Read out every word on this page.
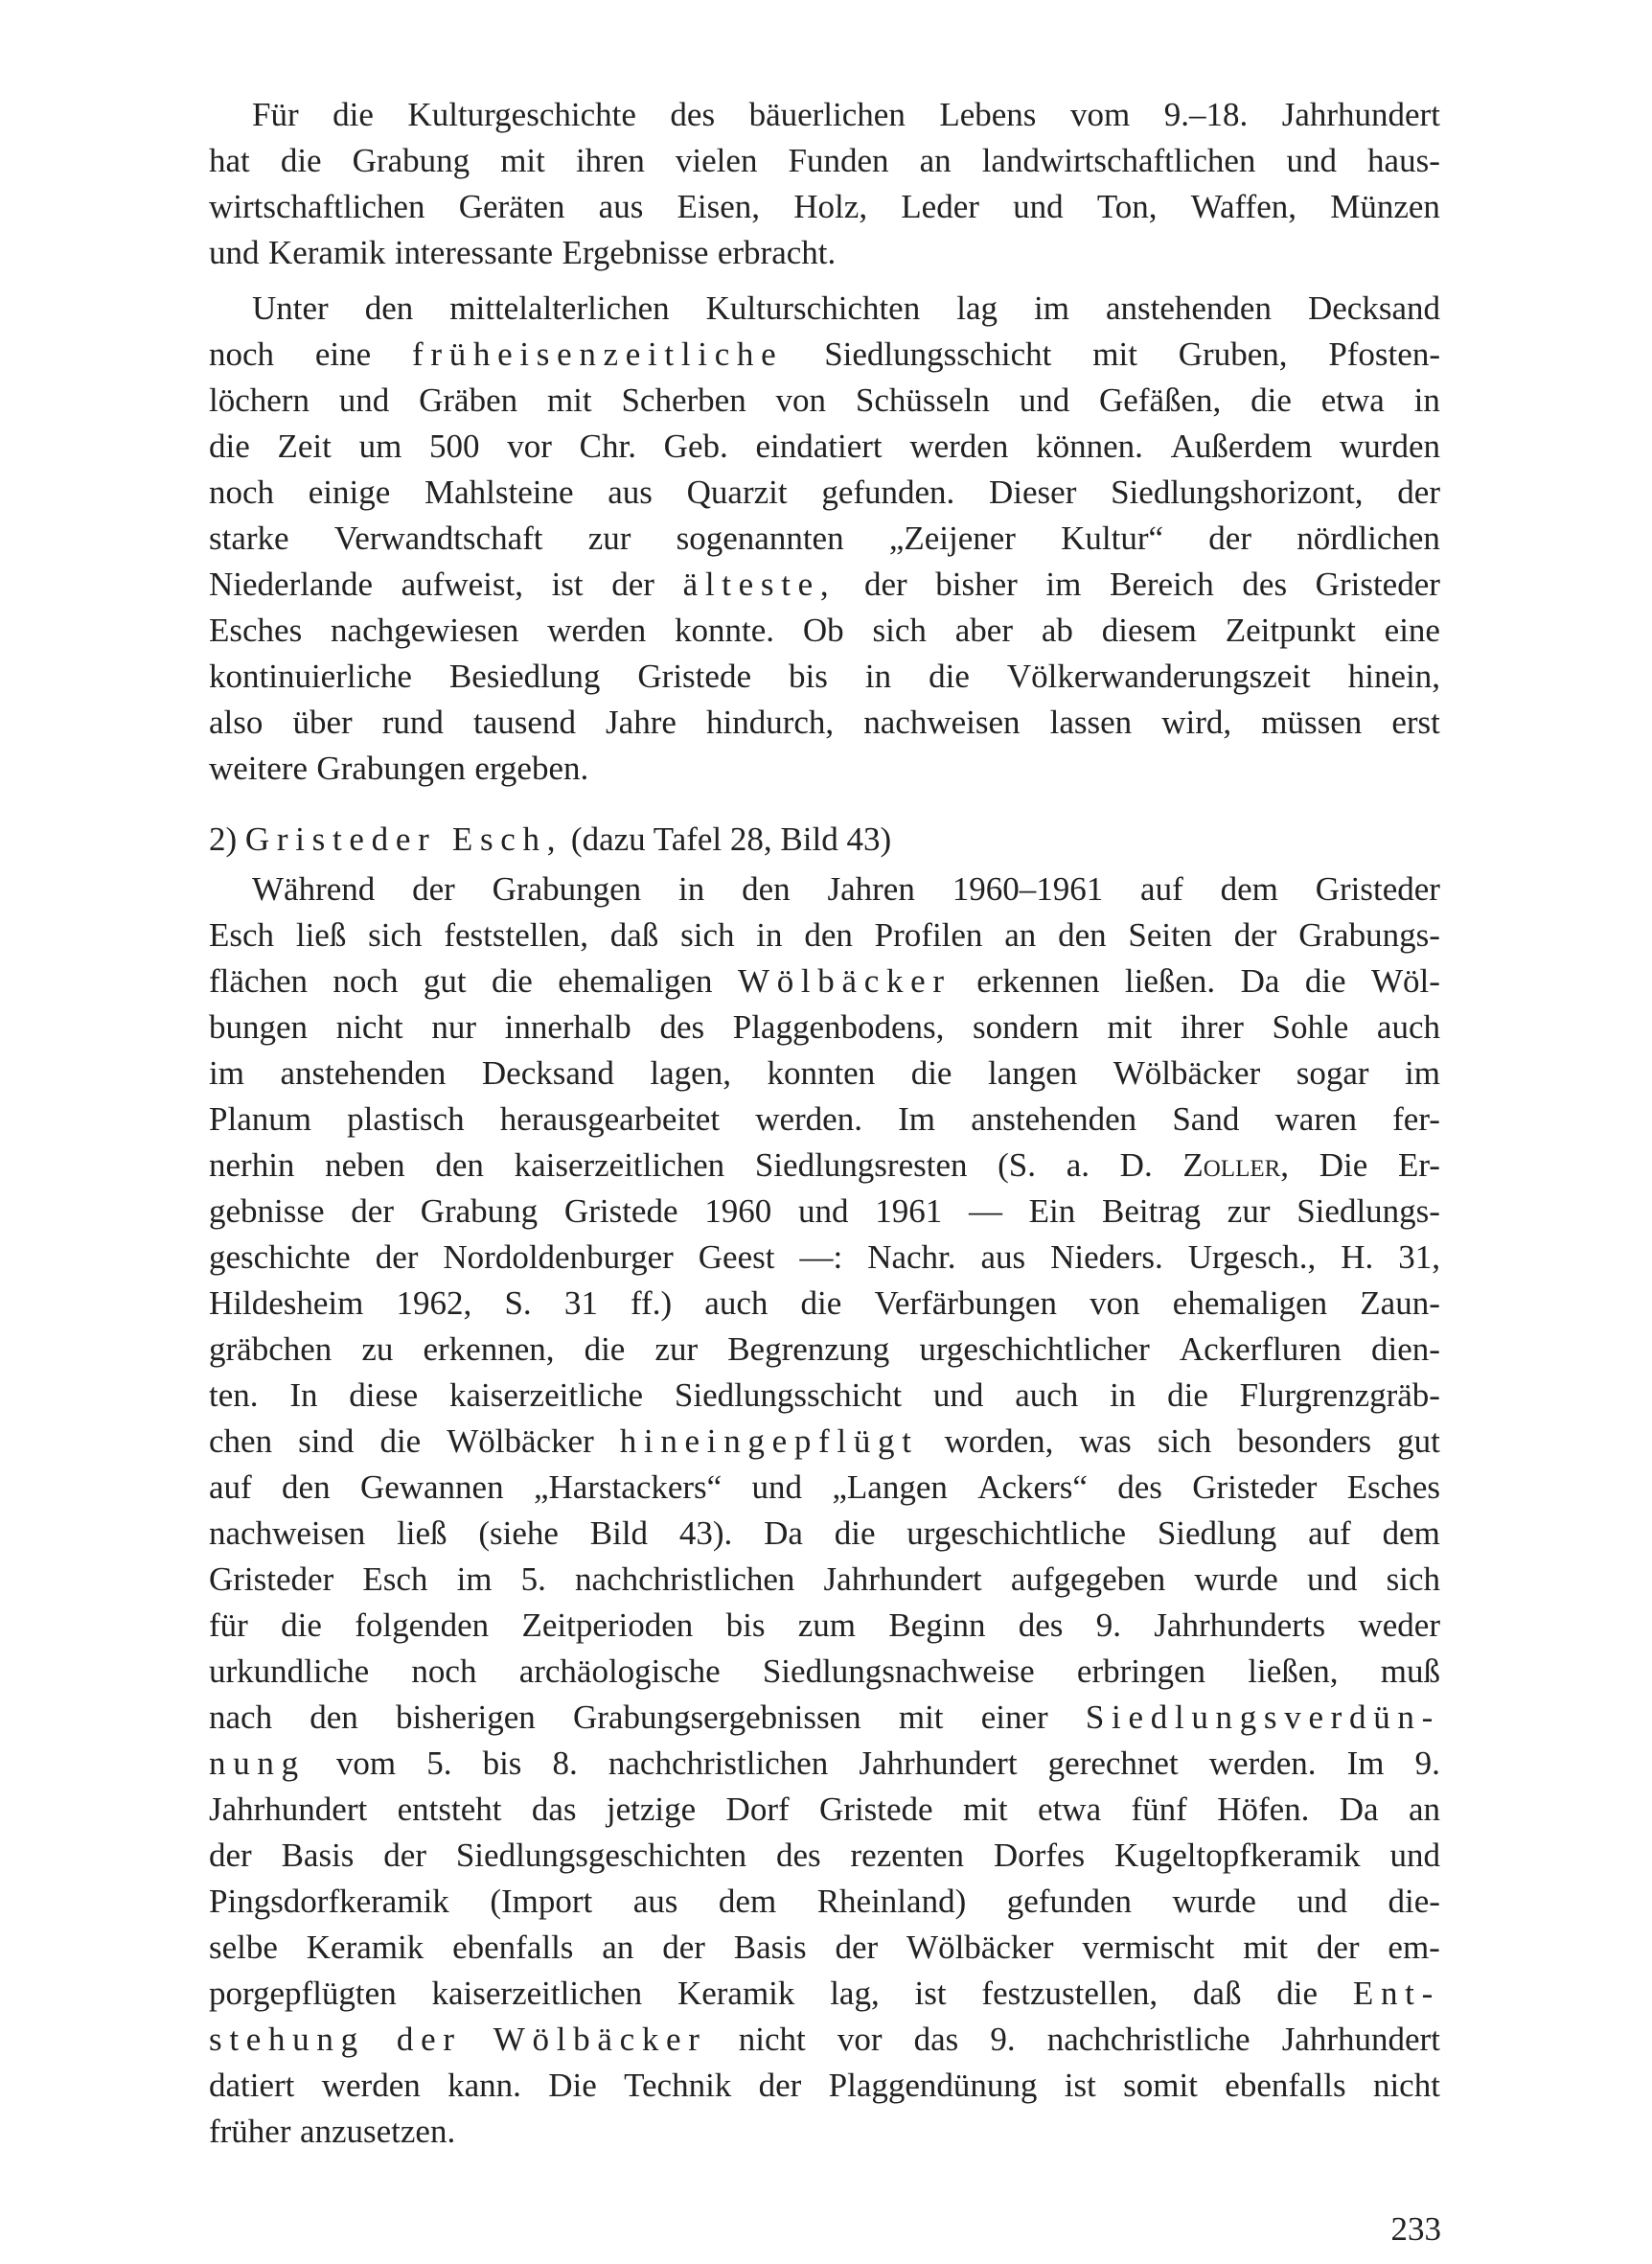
Für die Kulturgeschichte des bäuerlichen Lebens vom 9.–18. Jahrhundert
hat die Grabung mit ihren vielen Funden an landwirtschaftlichen und haus-
wirtschaftlichen Geräten aus Eisen, Holz, Leder und Ton, Waffen, Münzen
und Keramik interessante Ergebnisse erbracht.
Unter den mittelalterlichen Kulturschichten lag im anstehenden Decksand
noch eine früheisenzeitliche Siedlungsschicht mit Gruben, Pfosten-
löchern und Gräben mit Scherben von Schüsseln und Gefäßen, die etwa in
die Zeit um 500 vor Chr. Geb. eindatiert werden können. Außerdem wurden
noch einige Mahlsteine aus Quarzit gefunden. Dieser Siedlungshorizont, der
starke Verwandtschaft zur sogenannten „Zeijener Kultur“ der nördlichen
Niederlande aufweist, ist der älteste, der bisher im Bereich des Gristeder
Esches nachgewiesen werden konnte. Ob sich aber ab diesem Zeitpunkt eine
kontinuierliche Besiedlung Gristede bis in die Völkerwanderungszeit hinein,
also über rund tausend Jahre hindurch, nachweisen lassen wird, müssen erst
weitere Grabungen ergeben.
2) Gristeder Esch, (dazu Tafel 28, Bild 43)
Während der Grabungen in den Jahren 1960–1961 auf dem Gristeder
Esch ließ sich feststellen, daß sich in den Profilen an den Seiten der Grabungs-
flächen noch gut die ehemaligen Wölbäcker erkennen ließen. Da die Wöl-
bungen nicht nur innerhalb des Plaggenbodens, sondern mit ihrer Sohle auch
im anstehenden Decksand lagen, konnten die langen Wölbäcker sogar im
Planum plastisch herausgearbeitet werden. Im anstehenden Sand waren fer-
nerhin neben den kaiserzeitlichen Siedlungsresten (S. a. D. Zoller, Die Er-
gebnisse der Grabung Gristede 1960 und 1961 — Ein Beitrag zur Siedlungs-
geschichte der Nordoldenburger Geest —: Nachr. aus Nieders. Urgesch., H. 31,
Hildesheim 1962, S. 31 ff.) auch die Verfärbungen von ehemaligen Zaun-
gräbchen zu erkennen, die zur Begrenzung urgeschichtlicher Ackerfluren dien-
ten. In diese kaiserzeitliche Siedlungsschicht und auch in die Flurgrenzgräb-
chen sind die Wölbäcker hineingepflügt worden, was sich besonders gut
auf den Gewannen „Harstackers“ und „Langen Ackers“ des Gristeder Esches
nachweisen ließ (siehe Bild 43). Da die urgeschichtliche Siedlung auf dem
Gristeder Esch im 5. nachchristlichen Jahrhundert aufgegeben wurde und sich
für die folgenden Zeitperioden bis zum Beginn des 9. Jahrhunderts weder
urkundliche noch archäologische Siedlungsnachweise erbringen ließen, muß
nach den bisherigen Grabungsergebnissen mit einer Siedlungsverdün-
nung vom 5. bis 8. nachchristlichen Jahrhundert gerechnet werden. Im 9.
Jahrhundert entsteht das jetzige Dorf Gristede mit etwa fünf Höfen. Da an
der Basis der Siedlungsgeschichten des rezenten Dorfes Kugeltopfkeramik und
Pingsdorfkeramik (Import aus dem Rheinland) gefunden wurde und die-
selbe Keramik ebenfalls an der Basis der Wölbäcker vermischt mit der em-
porgepflügten kaiserzeitlichen Keramik lag, ist festzustellen, daß die Ent-
stehung der Wölbäcker nicht vor das 9. nachchristliche Jahrhundert
datiert werden kann. Die Technik der Plaggendünung ist somit ebenfalls nicht
früher anzusetzen.
233
